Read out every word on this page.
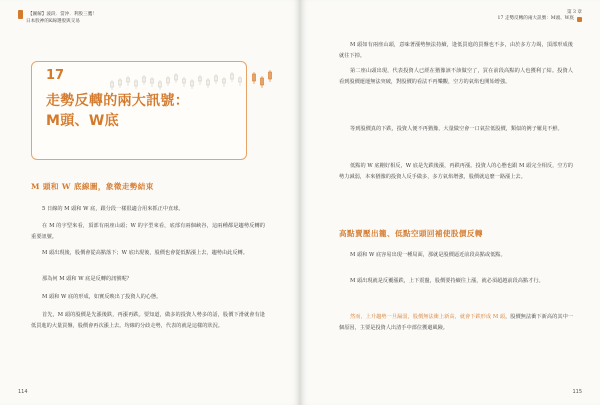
【圖解】波段．當沖．利股三鷹！
日本股神的K線選股與交易
17
走勢反轉的兩大訊號：
M頭、W底
M 頭和 W 底線圖，象徵走勢結束

5 日線的 M 頭和 W 底，跟分段一樣很適合用來抓正中直球。

在 M 的字型來看，頂部有兩座山頭；W 的字型來看，底部有兩個峽谷，這兩種都是趨勢反轉的重要訊號。

M 頭出現後，股價會從高點落下；W 底出現後，股價也會從低點漲上去，趨勢由此反轉。

那為何 M 頭和 W 底是反轉的訊號呢？

M 頭和 W 底的形成，如實反映出了投資人的心態。

首先，M 頭的股價是先漲後跌，再漲再跌。要知道，做多的投資人勢多的話，股價下滑就會有逢低買進的大量買盤，股價會再次漲上去。均線的分歧走勢，代表的就是這樣的狀況。

114
第 3 章
17 走勢反轉的兩大訊號：M頭、W底

M 頭如有兩座山頭，意味著漲勢無法持續，逢低買進的買盤也不多，由於多方力竭，頂部形成後就往下掉。

第二座山頭出現，代表投資人已經在猶豫該不該做空了，買在前段高點的人也獲利了結。投資人看到股價運運無法突破，對股價的看法不再樂觀，空方的氣焰也開始增強。

等到股價真的下跌，投資人便不再猶豫，大量做空會一口氣拉低股價，類似的例子屢見不鮮。

低點的 W 底剛好相反，W 底是先跌後漲，再跌再漲。投資人的心態也跟 M 頭完全相反，空方的勢力減弱，本來猶豫的投資人反手做多，多方氣焰增強，股價就這麼一路漲上去。

高點賣壓出籠、低點空頭回補使股價反轉

M 頭和 W 底容易出現一種局面，那就是股價逼近前段高點或低點。

M 頭出現就是反覆漲跌，上下震盪，股價要持續往上漲，就必須超越前段高點才行。

然而，上升趨勢一旦漏弱，股價無法衝上新高，就會下跌形成 M 頭，股價無法衝下新高的其中一個原因，主要是投資人出清手中部位獲避風險。

115
